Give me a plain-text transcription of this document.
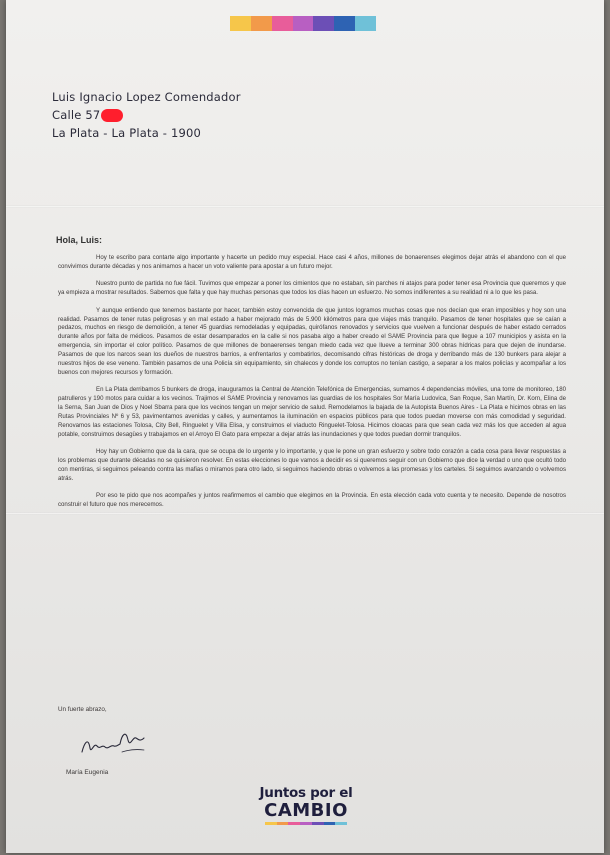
Luis Ignacio Lopez Comendador
Calle 57
La Plata - La Plata - 1900
Hola, Luis:

Hoy te escribo para contarte algo importante y hacerte un pedido muy especial. Hace casi 4 años, millones de bonaerenses elegimos dejar atrás el abandono con el que convivimos durante décadas y nos animamos a hacer un voto valiente para apostar a un futuro mejor.

Nuestro punto de partida no fue fácil. Tuvimos que empezar a poner los cimientos que no estaban, sin parches ni atajos para poder tener esa Provincia que queremos y que ya empieza a mostrar resultados. Sabemos que falta y que hay muchas personas que todos los días hacen un esfuerzo. No somos indiferentes a su realidad ni a lo que les pasa.

Y aunque entiendo que tenemos bastante por hacer, también estoy convencida de que juntos logramos muchas cosas que nos decían que eran imposibles y hoy son una realidad. Pasamos de tener rutas peligrosas y en mal estado a haber mejorado más de 5.900 kilómetros para que viajes más tranquilo. Pasamos de tener hospitales que se caían a pedazos, muchos en riesgo de demolición, a tener 45 guardias remodeladas y equipadas, quirófanos renovados y servicios que vuelven a funcionar después de haber estado cerrados durante años por falta de médicos. Pasamos de estar desamparados en la calle si nos pasaba algo a haber creado el SAME Provincia para que llegue a 107 municipios y asista en la emergencia, sin importar el color político. Pasamos de que millones de bonaerenses tengan miedo cada vez que llueve a terminar 300 obras hídricas para que dejen de inundarse. Pasamos de que los narcos sean los dueños de nuestros barrios, a enfrentarlos y combatirlos, decomisando cifras históricas de droga y derribando más de 130 bunkers para alejar a nuestros hijos de ese veneno. También pasamos de una Policía sin equipamiento, sin chalecos y donde los corruptos no tenían castigo, a separar a los malos policías y acompañar a los buenos con mejores recursos y formación.

En La Plata derribamos 5 bunkers de droga, inauguramos la Central de Atención Telefónica de Emergencias, sumamos 4 dependencias móviles, una torre de monitoreo, 180 patrulleros y 190 motos para cuidar a los vecinos. Trajimos el SAME Provincia y renovamos las guardias de los hospitales Sor María Ludovica, San Roque, San Martín, Dr. Korn, Elina de la Serna, San Juan de Dios y Noel Sbarra para que los vecinos tengan un mejor servicio de salud. Remodelamos la bajada de la Autopista Buenos Aires - La Plata e hicimos obras en las Rutas Provinciales Nº 6 y 53, pavimentamos avenidas y calles, y aumentamos la iluminación en espacios públicos para que todos puedan moverse con más comodidad y seguridad. Renovamos las estaciones Tolosa, City Bell, Ringuelet y Villa Elisa, y construimos el viaducto Ringuelet-Tolosa. Hicimos cloacas para que sean cada vez más los que acceden al agua potable, construimos desagües y trabajamos en el Arroyo El Gato para empezar a dejar atrás las inundaciones y que todos puedan dormir tranquilos.

Hoy hay un Gobierno que da la cara, que se ocupa de lo urgente y lo importante, y que le pone un gran esfuerzo y sobre todo corazón a cada cosa para llevar respuestas a los problemas que durante décadas no se quisieron resolver. En estas elecciones lo que vamos a decidir es si queremos seguir con un Gobierno que dice la verdad o uno que ocultó todo con mentiras, si seguimos peleando contra las mafias o miramos para otro lado, si seguimos haciendo obras o volvemos a las promesas y los carteles. Si seguimos avanzando o volvemos atrás.

Por eso te pido que nos acompañes y juntos reafirmemos el cambio que elegimos en la Provincia. En esta elección cada voto cuenta y te necesito. Depende de nosotros construir el futuro que nos merecemos.

Un fuerte abrazo,
María Eugenia
Juntos por el
CAMBIO
